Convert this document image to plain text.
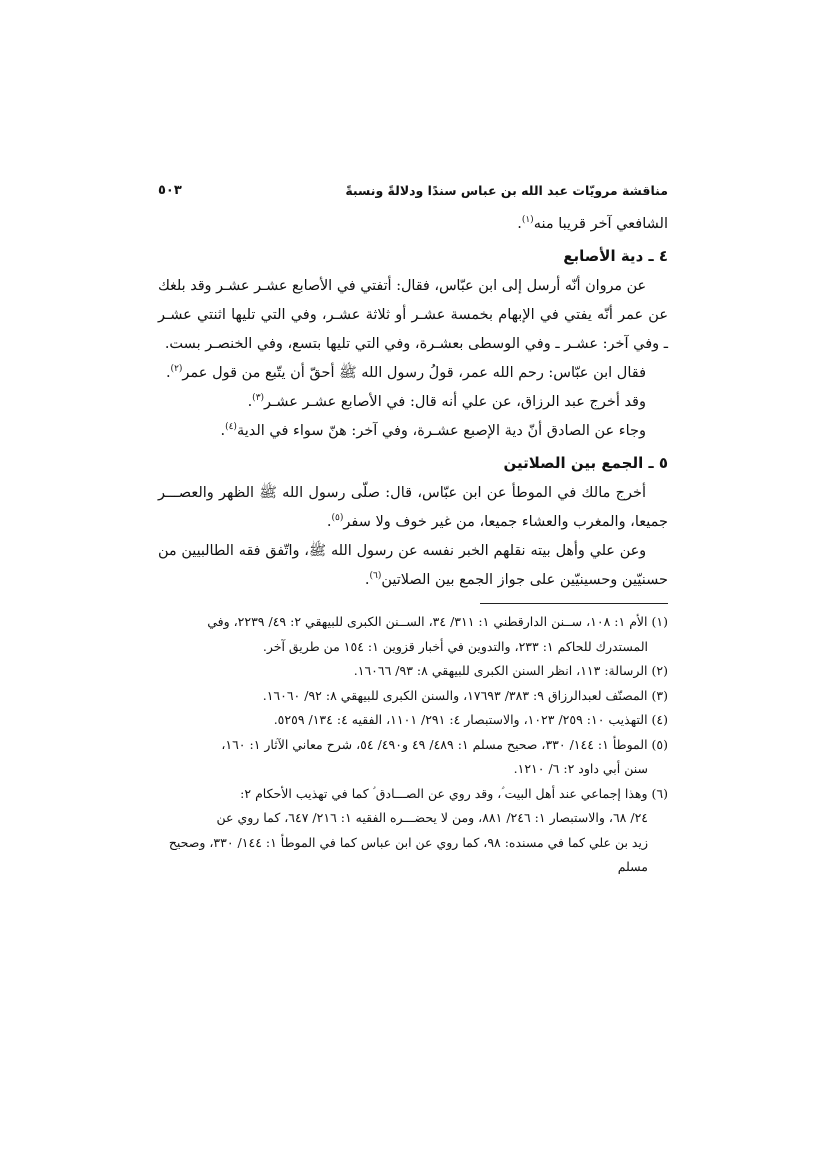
مناقشة مرويّات عبد الله بن عباس سندًا ودلالةً ونسبةً
٥٠٣
الشافعي آخر قريبا منه$^{(١)}$.
٤ ـ دية الأصابع
عن مروان أنّه أرسل إلى ابن عبّاس، فقال: أتفتي في الأصابع عشـر عشـر وقد بلغك
عن عمر أنّه يفتي في الإبهام بخمسة عشـر أو ثلاثة عشـر، وفي التي تليها اثنتي عشـر
ـ وفي آخر: عشـر ـ وفي الوسطى بعشـرة، وفي التي تليها بتسع، وفي الخنصـر بست.
فقال ابن عبّاس: رحم الله عمر، قولُ رسول الله ﷺ أحقّ أن يتّبع من قول عمر$^{(٢)}$.
وقد أخرج عبد الرزاق، عن علي أنه قال: في الأصابع عشـر عشـر$^{(٣)}$.
وجاء عن الصادق أنّ دية الإصبع عشـرة، وفي آخر: هنّ سواء في الدية$^{(٤)}$.
٥ ـ الجمع بين الصلاتين
أخرج مالك في الموطأ عن ابن عبّاس، قال: صلّى رسول الله ﷺ الظهر والعصـــر
جميعا، والمغرب والعشاء جميعا، من غير خوف ولا سفر$^{(٥)}$.
وعن علي وأهل بيته نقلهم الخبر نفسه عن رسول الله ﷺ، واتّفق فقه الطالبيين من
حسنيّين وحسينيّين على جواز الجمع بين الصلاتين$^{(٦)}$.
(١) الأم ١: ١٠٨، ســنن الدارقطني ١: ٣١١/ ٣٤، الســنن الكبرى للبيهقي ٢: ٤٩/ ٢٢٣٩، وفي
المستدرك للحاكم ١: ٢٣٣، والتدوين في أخبار قزوين ١: ١٥٤ من طريق آخر.
(٢) الرسالة: ١١٣، انظر السنن الكبرى للبيهقي ٨: ٩٣/ ١٦٠٦٦.
(٣) المصنّف لعبدالرزاق ٩: ٣٨٣/ ١٧٦٩٣، والسنن الكبرى للبيهقي ٨: ٩٢/ ١٦٠٦٠.
(٤) التهذيب ١٠: ٢٥٩/ ١٠٢٣، والاستبصار ٤: ٢٩١/ ١١٠١، الفقيه ٤: ١٣٤/ ٥٢٥٩.
(٥) الموطأ ١: ١٤٤/ ٣٣٠، صحيح مسلم ١: ٤٨٩/ ٤٩ و٤٩٠/ ٥٤، شرح معاني الآثار ١: ١٦٠،
سنن أبي داود ٢: ٦/ ١٢١٠.
(٦) وهذا إجماعي عند أهل البيت ؑ، وقد روي عن الصـــادق ؑ كما في تهذيب الأحكام ٢:
٢٤/ ٦٨، والاستبصار ١: ٢٤٦/ ٨٨١، ومن لا يحضـــره الفقيه ١: ٢١٦/ ٦٤٧، كما روي عن
زيد بن علي كما في مسنده: ٩٨، كما روي عن ابن عباس كما في الموطأ ١: ١٤٤/ ٣٣٠، وصحيح
مسلم
